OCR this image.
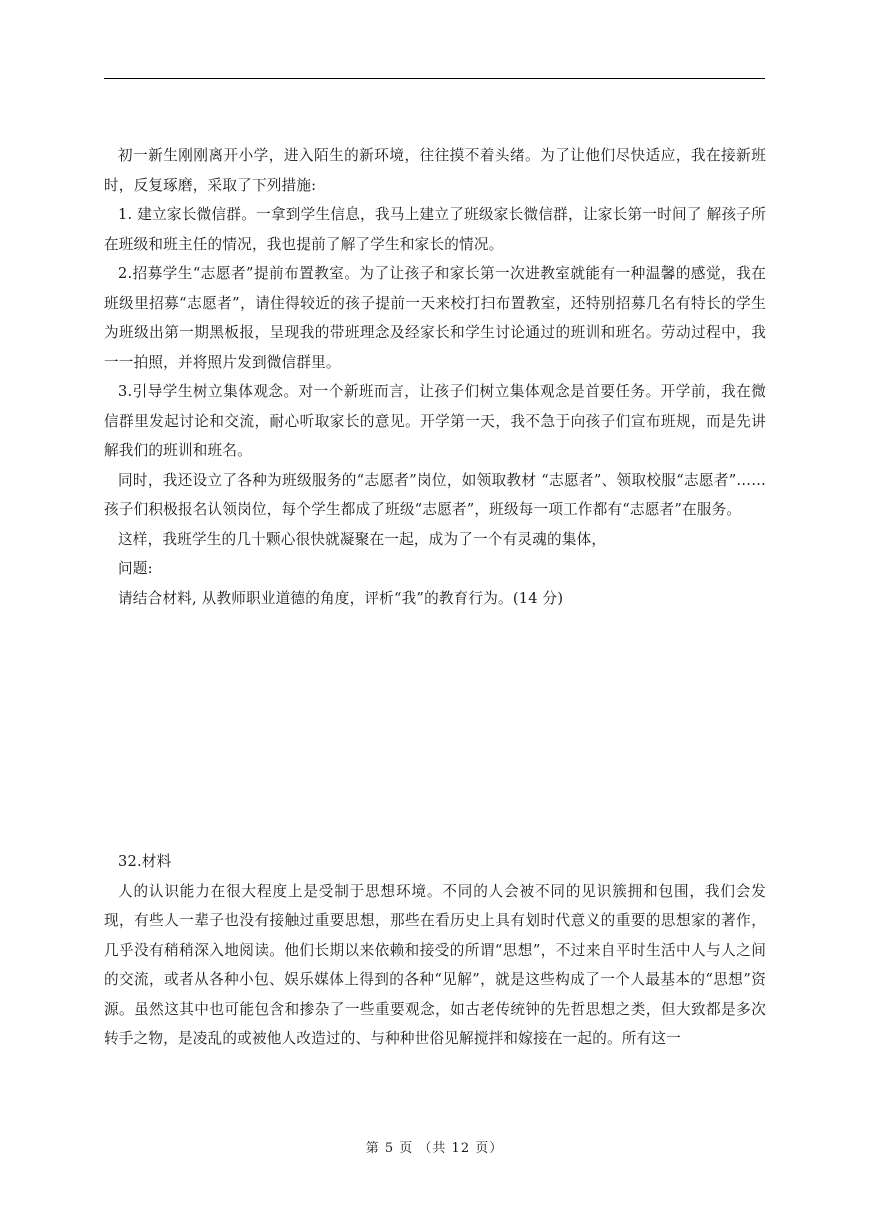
初一新生刚刚离开小学，进入陌生的新环境，往往摸不着头绪。为了让他们尽快适应，我在接新班时，反复琢磨，采取了下列措施:

1. 建立家长微信群。一拿到学生信息，我马上建立了班级家长微信群，让家长第一时间了 解孩子所在班级和班主任的情况，我也提前了解了学生和家长的情况。

2.招募学生“志愿者”提前布置教室。为了让孩子和家长第一次进教室就能有一种温馨的感觉，我在班级里招募“志愿者”，请住得较近的孩子提前一天来校打扫布置教室，还特别招募几名有特长的学生为班级出第一期黑板报，呈现我的带班理念及经家长和学生讨论通过的班训和班名。劳动过程中，我一一拍照，并将照片发到微信群里。

3.引导学生树立集体观念。对一个新班而言，让孩子们树立集体观念是首要任务。开学前，我在微信群里发起讨论和交流，耐心听取家长的意见。开学第一天，我不急于向孩子们宣布班规，而是先讲解我们的班训和班名。

同时，我还设立了各种为班级服务的“志愿者”岗位，如领取教材 “志愿者”、领取校服“志愿者”……孩子们积极报名认领岗位，每个学生都成了班级“志愿者”，班级每一项工作都有“志愿者”在服务。

这样，我班学生的几十颗心很快就凝聚在一起，成为了一个有灵魂的集体，

问题:

请结合材料, 从教师职业道德的角度，评析“我”的教育行为。(14 分)

32.材料

人的认识能力在很大程度上是受制于思想环境。不同的人会被不同的见识簇拥和包围，我们会发现，有些人一辈子也没有接触过重要思想，那些在看历史上具有划时代意义的重要的思想家的著作，几乎没有稍稍深入地阅读。他们长期以来依赖和接受的所谓“思想”，不过来自平时生活中人与人之间的交流，或者从各种小包、娱乐媒体上得到的各种“见解”，就是这些构成了一个人最基本的“思想”资源。虽然这其中也可能包含和掺杂了一些重要观念，如古老传统钟的先哲思想之类，但大致都是多次转手之物，是凌乱的或被他人改造过的、与种种世俗见解搅拌和嫁接在一起的。所有这一

第 5 页 （共 12 页）
